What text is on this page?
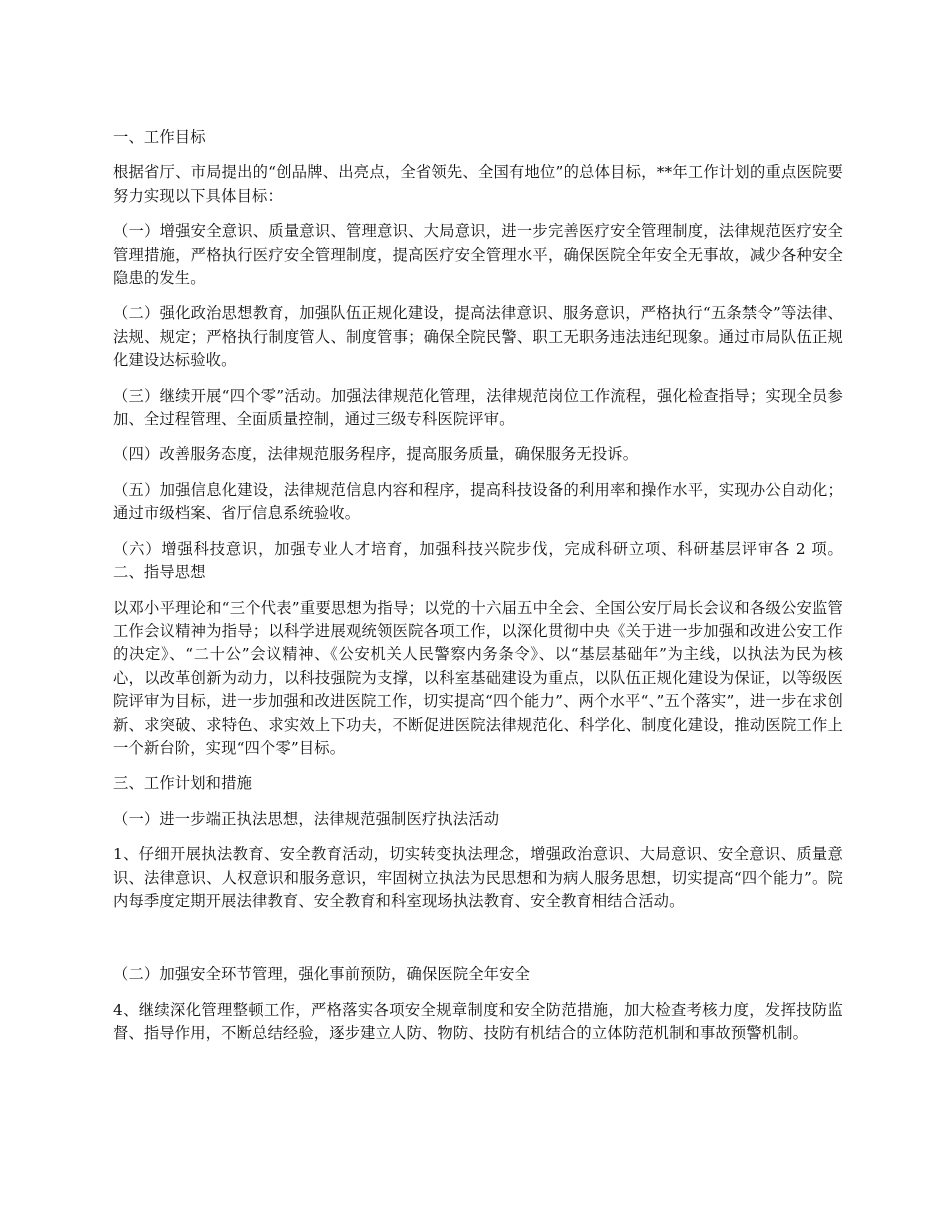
一、工作目标

根据省厅、市局提出的“创品牌、出亮点，全省领先、全国有地位”的总体目标，**年工作计划的重点医院要努力实现以下具体目标：

（一）增强安全意识、质量意识、管理意识、大局意识，进一步完善医疗安全管理制度，法律规范医疗安全管理措施，严格执行医疗安全管理制度，提高医疗安全管理水平，确保医院全年安全无事故，减少各种安全隐患的发生。

（二）强化政治思想教育，加强队伍正规化建设，提高法律意识、服务意识，严格执行“五条禁令”等法律、法规、规定；严格执行制度管人、制度管事；确保全院民警、职工无职务违法违纪现象。通过市局队伍正规化建设达标验收。

（三）继续开展“四个零”活动。加强法律规范化管理，法律规范岗位工作流程，强化检查指导；实现全员参加、全过程管理、全面质量控制，通过三级专科医院评审。

（四）改善服务态度，法律规范服务程序，提高服务质量，确保服务无投诉。

（五）加强信息化建设，法律规范信息内容和程序，提高科技设备的利用率和操作水平，实现办公自动化；通过市级档案、省厅信息系统验收。

（六）增强科技意识，加强专业人才培育，加强科技兴院步伐，完成科研立项、科研基层评审各 2 项。二、指导思想

以邓小平理论和“三个代表”重要思想为指导；以党的十六届五中全会、全国公安厅局长会议和各级公安监管工作会议精神为指导；以科学进展观统领医院各项工作，以深化贯彻中央《关于进一步加强和改进公安工作的决定》、“二十公”会议精神、《公安机关人民警察内务条令》、以“基层基础年”为主线，以执法为民为核心，以改革创新为动力，以科技强院为支撑，以科室基础建设为重点，以队伍正规化建设为保证，以等级医院评审为目标，进一步加强和改进医院工作，切实提高“四个能力”、两个水平“、”五个落实”，进一步在求创新、求突破、求特色、求实效上下功夫，不断促进医院法律规范化、科学化、制度化建设，推动医院工作上一个新台阶，实现“四个零”目标。

三、工作计划和措施

（一）进一步端正执法思想，法律规范强制医疗执法活动

1、仔细开展执法教育、安全教育活动，切实转变执法理念，增强政治意识、大局意识、安全意识、质量意识、法律意识、人权意识和服务意识，牢固树立执法为民思想和为病人服务思想，切实提高“四个能力”。院内每季度定期开展法律教育、安全教育和科室现场执法教育、安全教育相结合活动。

（二）加强安全环节管理，强化事前预防，确保医院全年安全

4、继续深化管理整顿工作，严格落实各项安全规章制度和安全防范措施，加大检查考核力度，发挥技防监督、指导作用，不断总结经验，逐步建立人防、物防、技防有机结合的立体防范机制和事故预警机制。
